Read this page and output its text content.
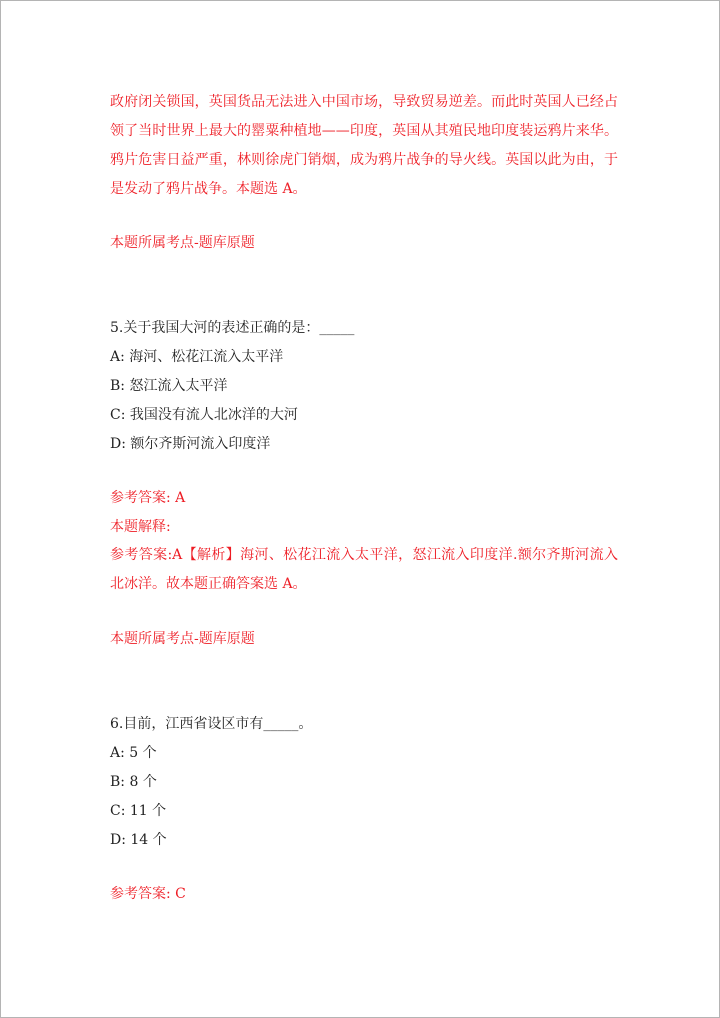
政府闭关锁国，英国货品无法进入中国市场，导致贸易逆差。而此时英国人已经占领了当时世界上最大的罂粟种植地——印度，英国从其殖民地印度装运鸦片来华。鸦片危害日益严重，林则徐虎门销烟，成为鸦片战争的导火线。英国以此为由，于是发动了鸦片战争。本题选 A。

本题所属考点-题库原题

5.关于我国大河的表述正确的是：_____
A: 海河、松花江流入太平洋
B: 怒江流入太平洋
C: 我国没有流人北冰洋的大河
D: 额尔齐斯河流入印度洋
参考答案: A
本题解释:

参考答案:A【解析】海河、松花江流入太平洋，怒江流入印度洋.额尔齐斯河流入北冰洋。故本题正确答案选 A。

本题所属考点-题库原题

6.目前，江西省设区市有_____。
A: 5 个
B: 8 个
C: 11 个
D: 14 个

参考答案: C
